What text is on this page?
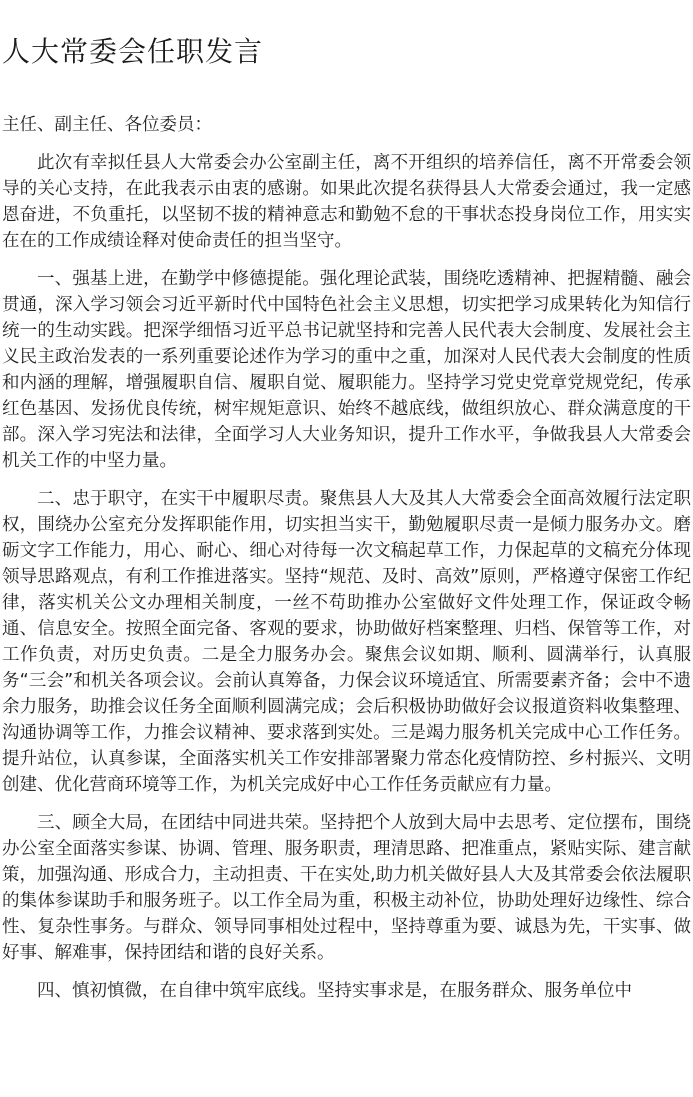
人大常委会任职发言

主任、副主任、各位委员：

此次有幸拟任县人大常委会办公室副主任，离不开组织的培养信任，离不开常委会领导的关心支持，在此我表示由衷的感谢。如果此次提名获得县人大常委会通过，我一定感恩奋进，不负重托，以坚韧不拔的精神意志和勤勉不怠的干事状态投身岗位工作，用实实在在的工作成绩诠释对使命责任的担当坚守。

一、强基上进，在勤学中修德提能。强化理论武装，围绕吃透精神、把握精髓、融会贯通，深入学习领会习近平新时代中国特色社会主义思想，切实把学习成果转化为知信行统一的生动实践。把深学细悟习近平总书记就坚持和完善人民代表大会制度、发展社会主义民主政治发表的一系列重要论述作为学习的重中之重，加深对人民代表大会制度的性质和内涵的理解，增强履职自信、履职自觉、履职能力。坚持学习党史党章党规党纪，传承红色基因、发扬优良传统，树牢规矩意识、始终不越底线，做组织放心、群众满意度的干部。深入学习宪法和法律，全面学习人大业务知识，提升工作水平，争做我县人大常委会机关工作的中坚力量。

二、忠于职守，在实干中履职尽责。聚焦县人大及其人大常委会全面高效履行法定职权，围绕办公室充分发挥职能作用，切实担当实干，勤勉履职尽责一是倾力服务办文。磨砺文字工作能力，用心、耐心、细心对待每一次文稿起草工作，力保起草的文稿充分体现领导思路观点，有利工作推进落实。坚持“规范、及时、高效”原则，严格遵守保密工作纪律，落实机关公文办理相关制度，一丝不苟助推办公室做好文件处理工作，保证政令畅通、信息安全。按照全面完备、客观的要求，协助做好档案整理、归档、保管等工作，对工作负责，对历史负责。二是全力服务办会。聚焦会议如期、顺利、圆满举行，认真服务“三会”和机关各项会议。会前认真筹备，力保会议环境适宜、所需要素齐备；会中不遗余力服务，助推会议任务全面顺利圆满完成；会后积极协助做好会议报道资料收集整理、沟通协调等工作，力推会议精神、要求落到实处。三是竭力服务机关完成中心工作任务。提升站位，认真参谋，全面落实机关工作安排部署聚力常态化疫情防控、乡村振兴、文明创建、优化营商环境等工作，为机关完成好中心工作任务贡献应有力量。

三、顾全大局，在团结中同进共荣。坚持把个人放到大局中去思考、定位摆布，围绕办公室全面落实参谋、协调、管理、服务职责，理清思路、把准重点，紧贴实际、建言献策，加强沟通、形成合力，主动担责、干在实处,助力机关做好县人大及其常委会依法履职的集体参谋助手和服务班子。以工作全局为重，积极主动补位，协助处理好边缘性、综合性、复杂性事务。与群众、领导同事相处过程中，坚持尊重为要、诚恳为先，干实事、做好事、解难事，保持团结和谐的良好关系。

四、慎初慎微，在自律中筑牢底线。坚持实事求是，在服务群众、服务单位中
